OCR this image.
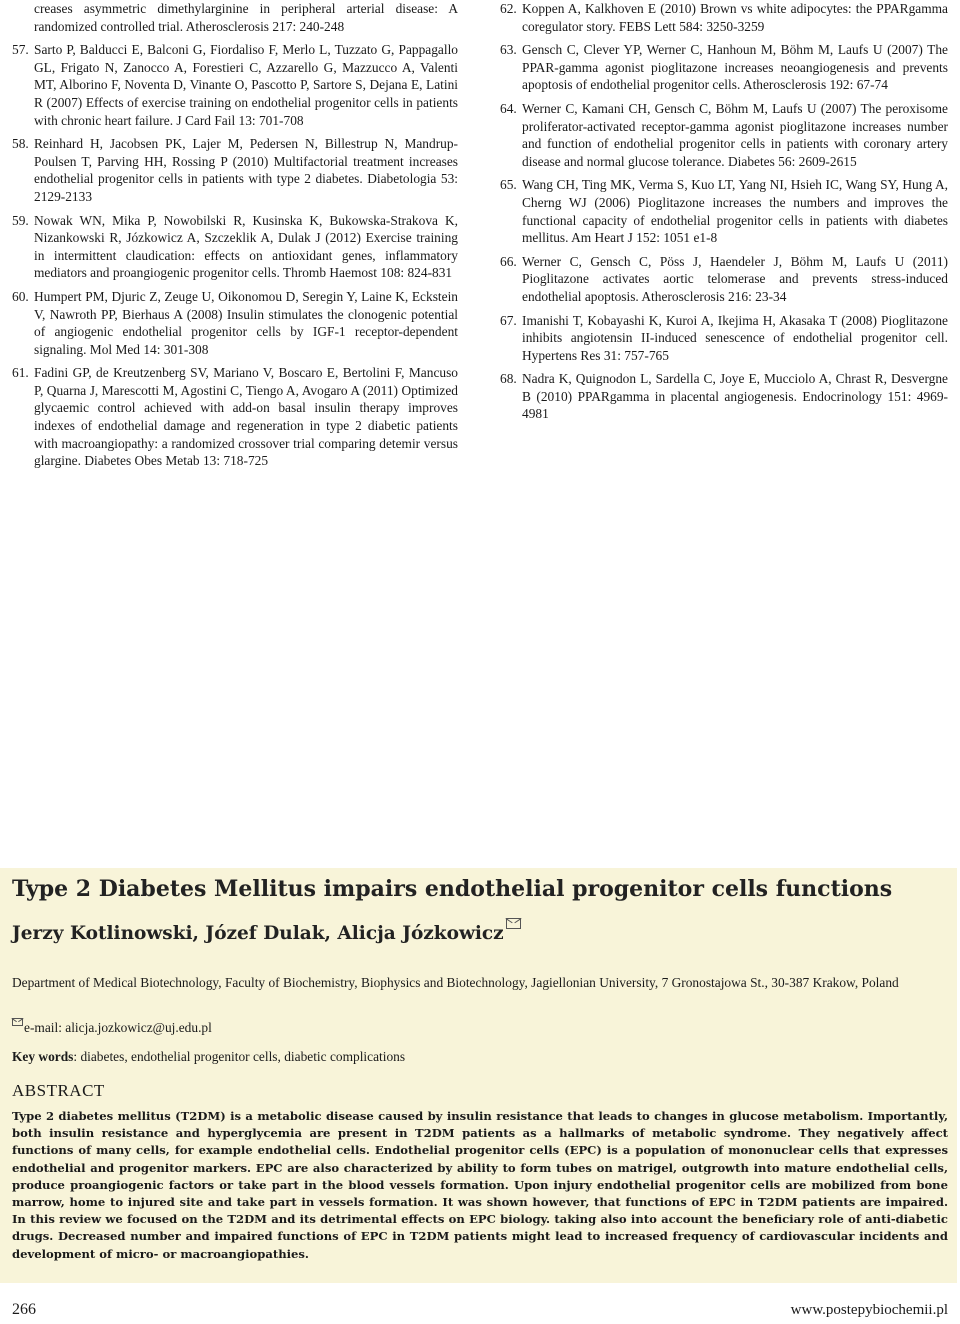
creases asymmetric dimethylarginine in peripheral arterial disease: A randomized controlled trial. Atherosclerosis 217: 240-248

57. Sarto P, Balducci E, Balconi G, Fiordaliso F, Merlo L, Tuzzato G, Pappagallo GL, Frigato N, Zanocco A, Forestieri C, Azzarello G, Mazzucco A, Valenti MT, Alborino F, Noventa D, Vinante O, Pascotto P, Sartore S, Dejana E, Latini R (2007) Effects of exercise training on endothelial progenitor cells in patients with chronic heart failure. J Card Fail 13: 701-708

58. Reinhard H, Jacobsen PK, Lajer M, Pedersen N, Billestrup N, Mandrup-Poulsen T, Parving HH, Rossing P (2010) Multifactorial treatment increases endothelial progenitor cells in patients with type 2 diabetes. Diabetologia 53: 2129-2133

59. Nowak WN, Mika P, Nowobilski R, Kusinska K, Bukowska-Strakova K, Nizankowski R, Józkowicz A, Szczeklik A, Dulak J (2012) Exercise training in intermittent claudication: effects on antioxidant genes, inflammatory mediators and proangiogenic progenitor cells. Thromb Haemost 108: 824-831

60. Humpert PM, Djuric Z, Zeuge U, Oikonomou D, Seregin Y, Laine K, Eckstein V, Nawroth PP, Bierhaus A (2008) Insulin stimulates the clonogenic potential of angiogenic endothelial progenitor cells by IGF-1 receptor-dependent signaling. Mol Med 14: 301-308

61. Fadini GP, de Kreutzenberg SV, Mariano V, Boscaro E, Bertolini F, Mancuso P, Quarna J, Marescotti M, Agostini C, Tiengo A, Avogaro A (2011) Optimized glycaemic control achieved with add-on basal insulin therapy improves indexes of endothelial damage and regeneration in type 2 diabetic patients with macroangiopathy: a randomized crossover trial comparing detemir versus glargine. Diabetes Obes Metab 13: 718-725

62. Koppen A, Kalkhoven E (2010) Brown vs white adipocytes: the PPARgamma coregulator story. FEBS Lett 584: 3250-3259

63. Gensch C, Clever YP, Werner C, Hanhoun M, Böhm M, Laufs U (2007) The PPAR-gamma agonist pioglitazone increases neoangiogenesis and prevents apoptosis of endothelial progenitor cells. Atherosclerosis 192: 67-74

64. Werner C, Kamani CH, Gensch C, Böhm M, Laufs U (2007) The peroxisome proliferator-activated receptor-gamma agonist pioglitazone increases number and function of endothelial progenitor cells in patients with coronary artery disease and normal glucose tolerance. Diabetes 56: 2609-2615

65. Wang CH, Ting MK, Verma S, Kuo LT, Yang NI, Hsieh IC, Wang SY, Hung A, Cherng WJ (2006) Pioglitazone increases the numbers and improves the functional capacity of endothelial progenitor cells in patients with diabetes mellitus. Am Heart J 152: 1051 e1-8

66. Werner C, Gensch C, Pöss J, Haendeler J, Böhm M, Laufs U (2011) Pioglitazone activates aortic telomerase and prevents stress-induced endothelial apoptosis. Atherosclerosis 216: 23-34

67. Imanishi T, Kobayashi K, Kuroi A, Ikejima H, Akasaka T (2008) Pioglitazone inhibits angiotensin II-induced senescence of endothelial progenitor cell. Hypertens Res 31: 757-765

68. Nadra K, Quignodon L, Sardella C, Joye E, Mucciolo A, Chrast R, Desvergne B (2010) PPARgamma in placental angiogenesis. Endocrinology 151: 4969-4981

Type 2 Diabetes Mellitus impairs endothelial progenitor cells functions
Jerzy Kotlinowski, Józef Dulak, Alicja Józkowicz
Department of Medical Biotechnology, Faculty of Biochemistry, Biophysics and Biotechnology, Jagiellonian University, 7 Gronostajowa St., 30-387 Krakow, Poland
e-mail: alicja.jozkowicz@uj.edu.pl
Key words: diabetes, endothelial progenitor cells, diabetic complications
ABSTRACT
Type 2 diabetes mellitus (T2DM) is a metabolic disease caused by insulin resistance that leads to changes in glucose metabolism. Importantly, both insulin resistance and hyperglycemia are present in T2DM patients as a hallmarks of metabolic syndrome. They negatively affect functions of many cells, for example endothelial cells. Endothelial progenitor cells (EPC) is a population of mononuclear cells that expresses endothelial and progenitor markers. EPC are also characterized by ability to form tubes on matrigel, outgrowth into mature endothelial cells, produce proangiogenic factors or take part in the blood vessels formation. Upon injury endothelial progenitor cells are mobilized from bone marrow, home to injured site and take part in vessels formation. It was shown however, that functions of EPC in T2DM patients are impaired. In this review we focused on the T2DM and its detrimental effects on EPC biology. taking also into account the beneficiary role of anti-diabetic drugs. Decreased number and impaired functions of EPC in T2DM patients might lead to increased frequency of cardiovascular incidents and development of micro- or macroangiopathies.
266	www.postepybiochemii.pl
